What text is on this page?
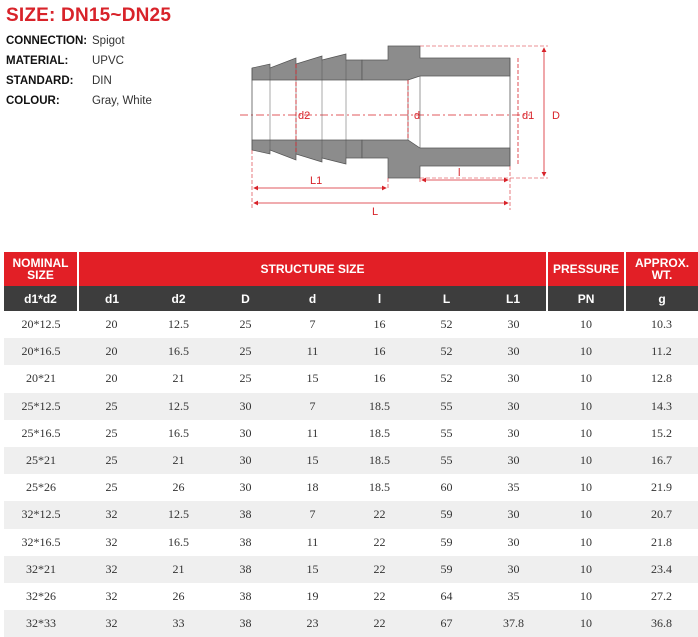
SIZE: DN15~DN25
CONNECTION: Spigot
MATERIAL:	UPVC
STANDARD:	DIN
COLOUR:	Gray, White
d2	d	d1 D
l
L1
L
NOMINAL SIZE	STRUCTURE SIZE							PRESSURE	APPROX. WT.
d1*d2	d1	d2	D	d	l	L	L1	PN	g
20*12.5	20	12.5	25	7	16	52	30	10	10.3
20*16.5	20	16.5	25	11	16	52	30	10	11.2
20*21	20	21	25	15	16	52	30	10	12.8
25*12.5	25	12.5	30	7	18.5	55	30	10	14.3
25*16.5	25	16.5	30	11	18.5	55	30	10	15.2
25*21	25	21	30	15	18.5	55	30	10	16.7
25*26	25	26	30	18	18.5	60	35	10	21.9
32*12.5	32	12.5	38	7	22	59	30	10	20.7
32*16.5	32	16.5	38	11	22	59	30	10	21.8
32*21	32	21	38	15	22	59	30	10	23.4
32*26	32	26	38	19	22	64	35	10	27.2
32*33	32	33	38	23	22	67	37.8	10	36.8
